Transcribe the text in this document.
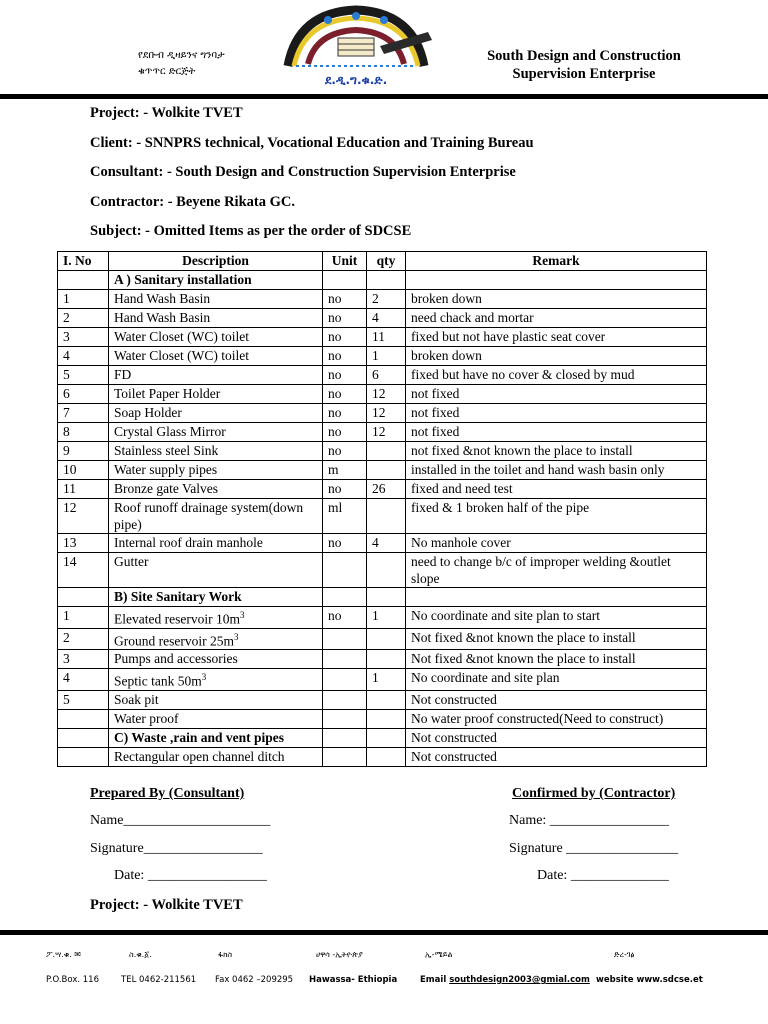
የደቡብ ዲዛይንና ግንባታ
ቁጥጥር ድርጅት
ደ.ዲ.ግ.ቁ.ድ.
South Design and Construction
Supervision Enterprise
Project: - Wolkite TVET
Client: - SNNPRS technical, Vocational Education and Training Bureau
Consultant: - South Design and Construction Supervision Enterprise
Contractor: - Beyene Rikata GC.
Subject: - Omitted Items as per the order of SDCSE
I. No	Description	Unit	qty	Remark
	A ) Sanitary installation			
1	Hand Wash Basin	no	2	broken down
2	Hand Wash Basin	no	4	need chack and mortar
3	Water Closet (WC) toilet	no	11	fixed but not have plastic seat cover
4	Water Closet (WC) toilet	no	1	broken down
5	FD	no	6	fixed but have no cover & closed by mud
6	Toilet Paper Holder	no	12	not fixed
7	Soap Holder	no	12	not fixed
8	Crystal Glass Mirror	no	12	not fixed
9	Stainless steel Sink	no		not fixed &not known the place to install
10	Water supply pipes	m		installed in the toilet and hand wash basin only
11	Bronze gate Valves	no	26	fixed and need test
12	Roof runoff drainage system(down pipe)	ml		fixed & 1 broken half of the pipe
13	Internal roof drain manhole	no	4	No manhole cover
14	Gutter			need to change b/c of improper welding &outlet slope
	B) Site Sanitary Work			
1	Elevated reservoir $10m^3$	no	1	No coordinate and site plan to start
2	Ground reservoir $25m^3$			Not fixed &not known the place to install
3	Pumps and accessories			Not fixed &not known the place to install
4	Septic tank $50m^3$		1	No coordinate and site plan
5	Soak pit			Not constructed
	Water proof			No water proof constructed(Need to construct)
	C) Waste ,rain and vent pipes			Not constructed
	Rectangular open channel ditch			Not constructed
Prepared By (Consultant)
Name_____________________
Signature_________________
Date: _________________
Confirmed by (Contractor)
Name: _________________
Signature ________________
Date: ______________
Project: - Wolkite TVET
ፖ.ሣ.ቁ. ✉	ስ.ቁ.፩.	ፋክስ	ሀዋሳ -ኢትዮጵያ	ኢ-ሜይል	ድረ-ገፅ
P.O.Box. 116	TEL 0462-211561 Fax 0462 –209295 Hawassa- Ethiopia	Email southdesign2003@gmial.com website www.sdcse.et
